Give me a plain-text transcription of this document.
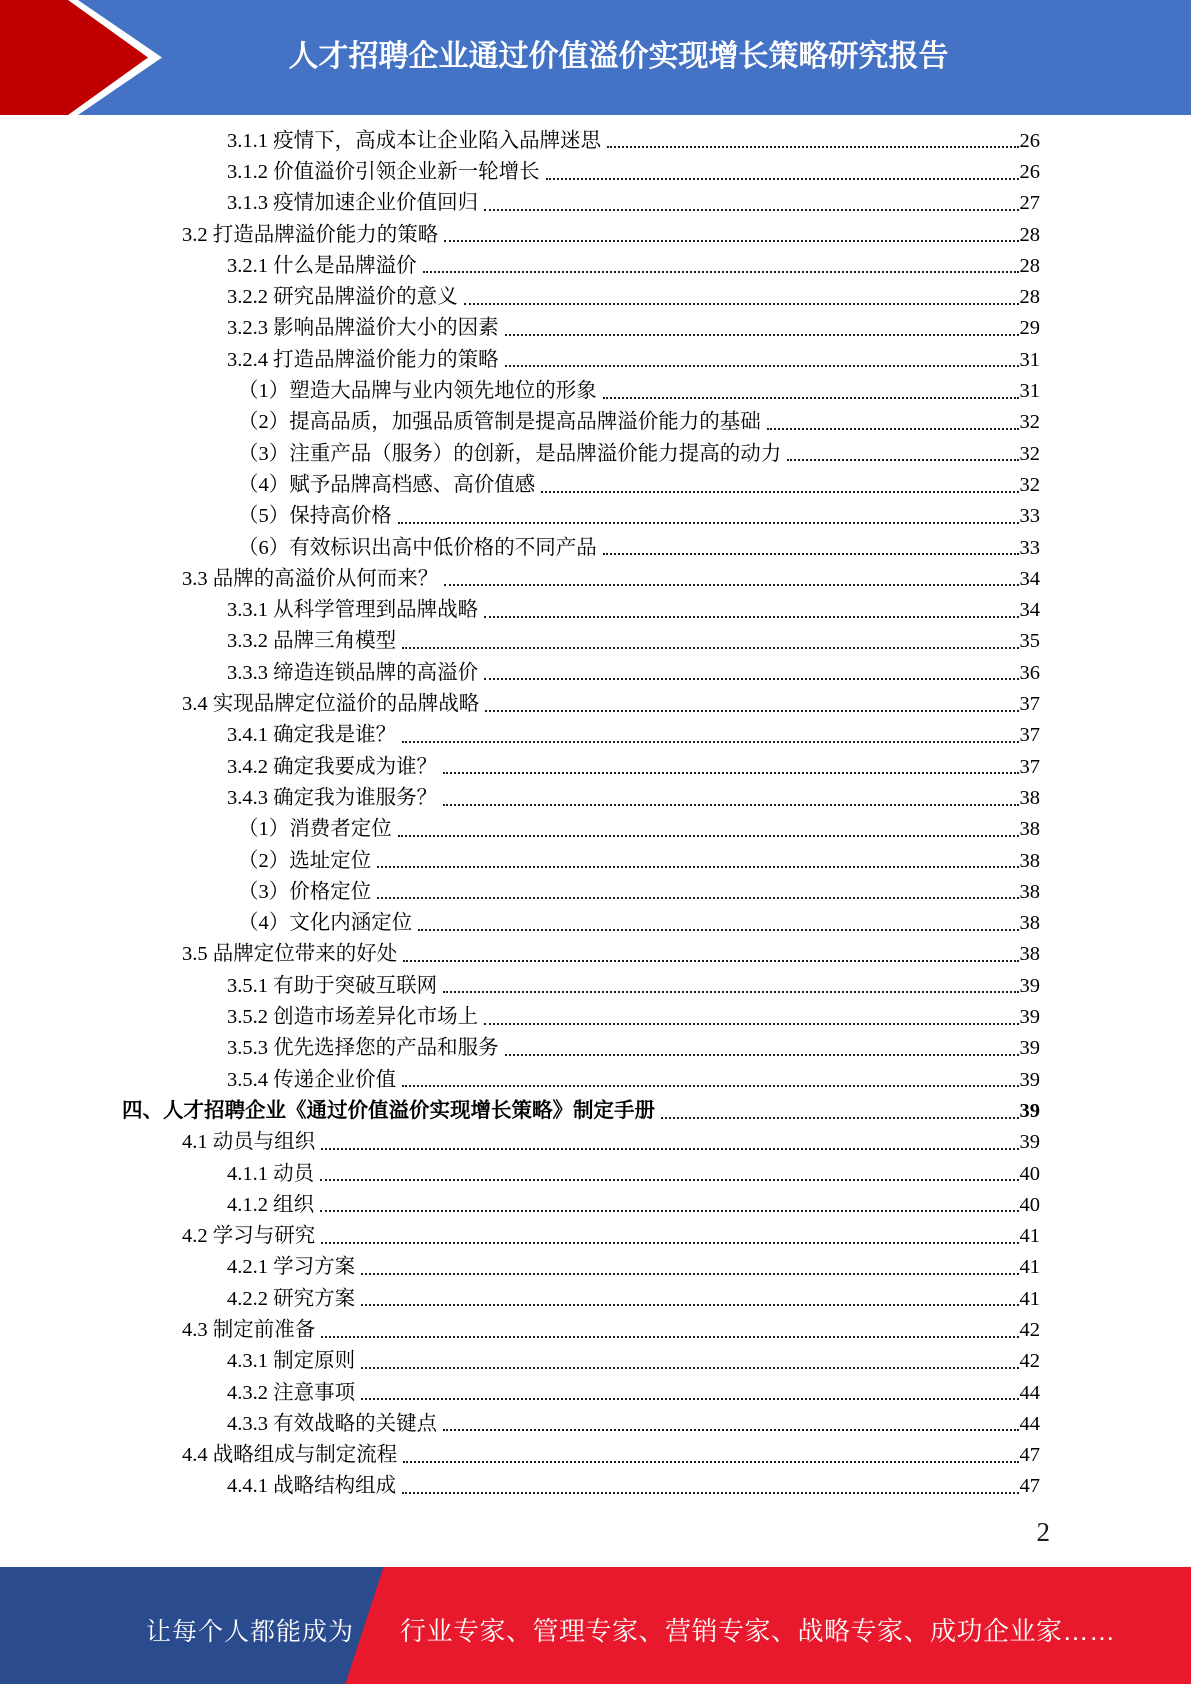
人才招聘企业通过价值溢价实现增长策略研究报告
3.1.1 疫情下，高成本让企业陷入品牌迷思	26
3.1.2 价值溢价引领企业新一轮增长	26
3.1.3 疫情加速企业价值回归	27
3.2 打造品牌溢价能力的策略	28
3.2.1 什么是品牌溢价	28
3.2.2 研究品牌溢价的意义	28
3.2.3 影响品牌溢价大小的因素	29
3.2.4 打造品牌溢价能力的策略	31
（1）塑造大品牌与业内领先地位的形象	31
（2）提高品质，加强品质管制是提高品牌溢价能力的基础	32
（3）注重产品（服务）的创新，是品牌溢价能力提高的动力	32
（4）赋予品牌高档感、高价值感	32
（5）保持高价格	33
（6）有效标识出高中低价格的不同产品	33
3.3 品牌的高溢价从何而来？	34
3.3.1 从科学管理到品牌战略	34
3.3.2 品牌三角模型	35
3.3.3 缔造连锁品牌的高溢价	36
3.4 实现品牌定位溢价的品牌战略	37
3.4.1 确定我是谁？	37
3.4.2 确定我要成为谁？	37
3.4.3 确定我为谁服务？	38
（1）消费者定位	38
（2）选址定位	38
（3）价格定位	38
（4）文化内涵定位	38
3.5 品牌定位带来的好处	38
3.5.1 有助于突破互联网	39
3.5.2 创造市场差异化市场上	39
3.5.3 优先选择您的产品和服务	39
3.5.4 传递企业价值	39
四、人才招聘企业《通过价值溢价实现增长策略》制定手册	39
4.1 动员与组织	39
4.1.1 动员	40
4.1.2 组织	40
4.2 学习与研究	41
4.2.1 学习方案	41
4.2.2 研究方案	41
4.3 制定前准备	42
4.3.1 制定原则	42
4.3.2 注意事项	44
4.3.3 有效战略的关键点	44
4.4 战略组成与制定流程	47
4.4.1 战略结构组成	47
2
让每个人都能成为 行业专家、管理专家、营销专家、战略专家、成功企业家……
